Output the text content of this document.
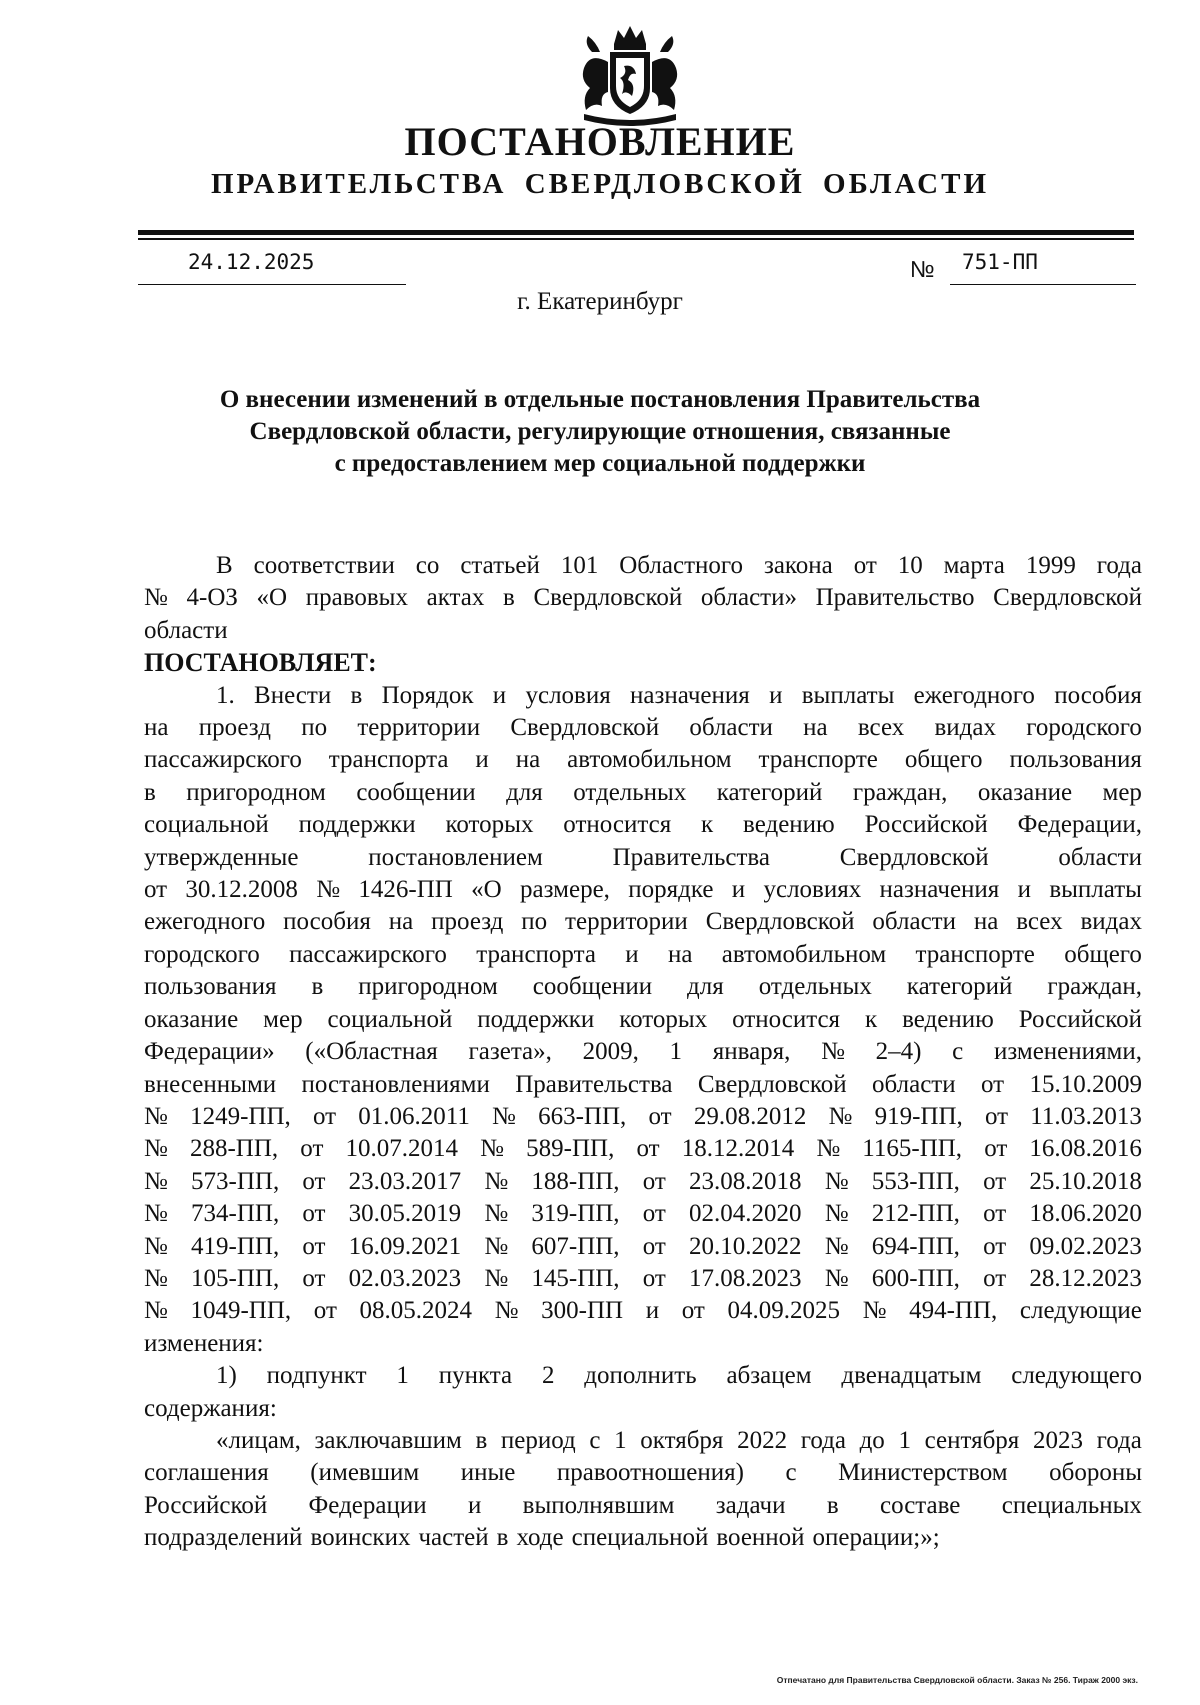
ПОСТАНОВЛЕНИЕ
ПРАВИТЕЛЬСТВА СВЕРДЛОВСКОЙ ОБЛАСТИ
24.12.2025	№ 751-ПП
г. Екатеринбург
О внесении изменений в отдельные постановления Правительства
Свердловской области, регулирующие отношения, связанные
с предоставлением мер социальной поддержки
В соответствии со статьей 101 Областного закона от 10 марта 1999 года
№ 4-ОЗ «О правовых актах в Свердловской области» Правительство Свердловской
области
ПОСТАНОВЛЯЕТ:
1. Внести в Порядок и условия назначения и выплаты ежегодного пособия
на проезд по территории Свердловской области на всех видах городского
пассажирского транспорта и на автомобильном транспорте общего пользования
в пригородном сообщении для отдельных категорий граждан, оказание мер
социальной поддержки которых относится к ведению Российской Федерации,
утвержденные	постановлением	Правительства	Свердловской	области
от 30.12.2008 № 1426-ПП «О размере, порядке и условиях назначения и выплаты
ежегодного пособия на проезд по территории Свердловской области на всех видах
городского пассажирского транспорта и на автомобильном транспорте общего
пользования в пригородном сообщении для отдельных категорий граждан,
оказание мер социальной поддержки которых относится к ведению Российской
Федерации» («Областная газета», 2009, 1 января, № 2–4) с изменениями,
внесенными постановлениями Правительства Свердловской области от 15.10.2009
№ 1249-ПП, от 01.06.2011 № 663-ПП, от 29.08.2012 № 919-ПП, от 11.03.2013
№ 288-ПП, от 10.07.2014 № 589-ПП, от 18.12.2014 № 1165-ПП, от 16.08.2016
№ 573-ПП, от 23.03.2017 № 188-ПП, от 23.08.2018 № 553-ПП, от 25.10.2018
№ 734-ПП, от 30.05.2019 № 319-ПП, от 02.04.2020 № 212-ПП, от 18.06.2020
№ 419-ПП, от 16.09.2021 № 607-ПП, от 20.10.2022 № 694-ПП, от 09.02.2023
№ 105-ПП, от 02.03.2023 № 145-ПП, от 17.08.2023 № 600-ПП, от 28.12.2023
№ 1049-ПП, от 08.05.2024 № 300-ПП и от 04.09.2025 № 494-ПП, следующие
изменения:
1) подпункт 1 пункта 2 дополнить абзацем двенадцатым следующего
содержания:
«лицам, заключавшим в период с 1 октября 2022 года до 1 сентября 2023 года
соглашения (имевшим иные правоотношения) с Министерством обороны
Российской Федерации и выполнявшим задачи в составе специальных
подразделений воинских частей в ходе специальной военной операции;»;
Отпечатано для Правительства Свердловской области. Заказ № 256. Тираж 2000 экз.
